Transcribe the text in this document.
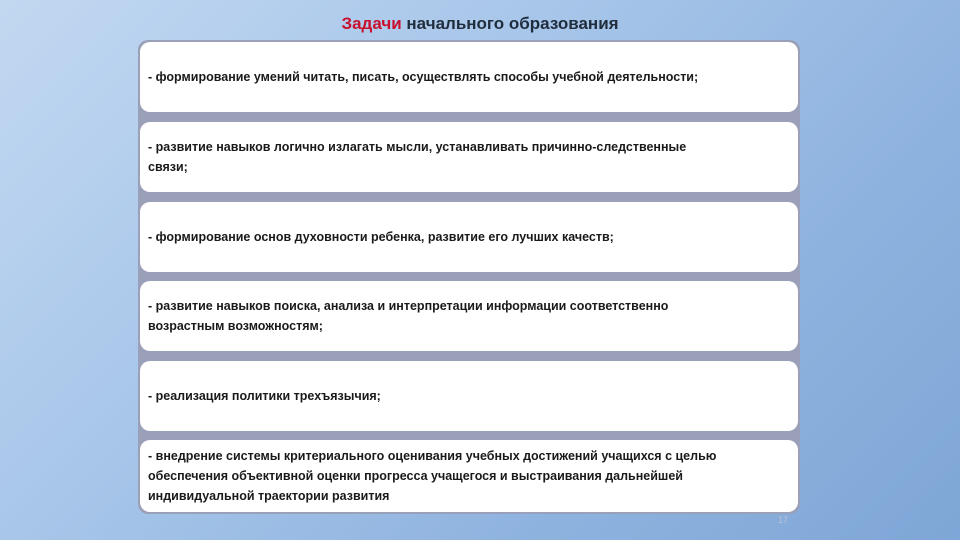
Задачи начального образования
- формирование умений читать, писать, осуществлять способы учебной деятельности;
- развитие навыков логично излагать мысли, устанавливать причинно-следственные
связи;
- формирование основ духовности ребенка, развитие его лучших качеств;
- развитие навыков поиска, анализа и интерпретации информации соответственно
возрастным возможностям;
- реализация политики трехъязычия;
- внедрение системы критериального оценивания учебных достижений учащихся с целью
обеспечения объективной оценки прогресса учащегося и выстраивания дальнейшей
индивидуальной траектории развития
17
